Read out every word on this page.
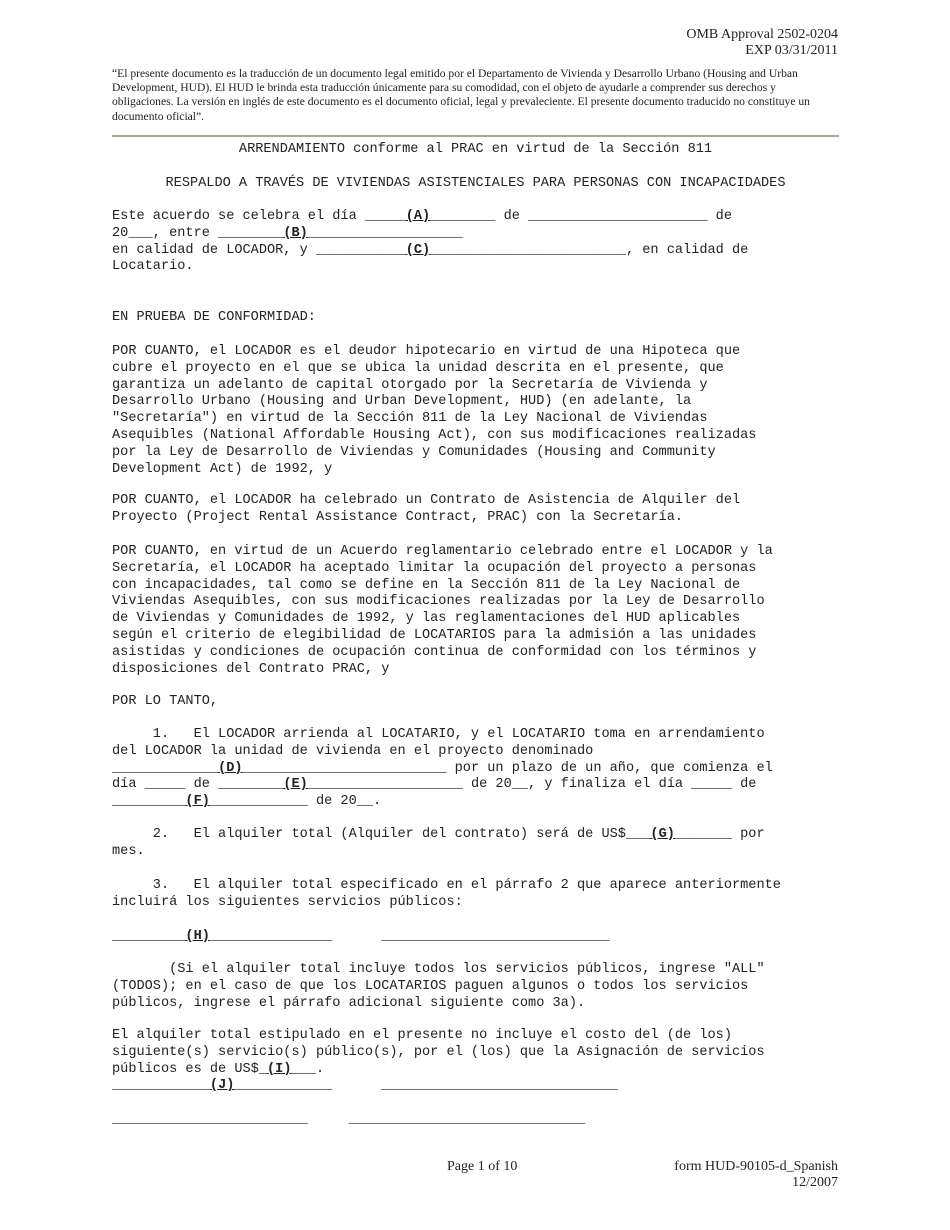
OMB Approval 2502-0204
EXP 03/31/2011
“El presente documento es la traducción de un documento legal emitido por el Departamento de Vivienda y Desarrollo Urbano (Housing and Urban Development, HUD). El HUD le brinda esta traducción únicamente para su comodidad, con el objeto de ayudarle a comprender sus derechos y obligaciones. La versión en inglés de este documento es el documento oficial, legal y prevaleciente. El presente documento traducido no constituye un documento oficial”.
ARRENDAMIENTO conforme al PRAC en virtud de la Sección 811
RESPALDO A TRAVÉS DE VIVIENDAS ASISTENCIALES PARA PERSONAS CON INCAPACIDADES
Este acuerdo se celebra el día _____(A)________ de ______________________ de
20___, entre ________(B)___________________
en calidad de LOCADOR, y ___________(C)________________________, en calidad de
Locatario.
EN PRUEBA DE CONFORMIDAD:
POR CUANTO, el LOCADOR es el deudor hipotecario en virtud de una Hipoteca que
cubre el proyecto en el que se ubica la unidad descrita en el presente, que
garantiza un adelanto de capital otorgado por la Secretaría de Vivienda y
Desarrollo Urbano (Housing and Urban Development, HUD) (en adelante, la
"Secretaría") en virtud de la Sección 811 de la Ley Nacional de Viviendas
Asequibles (National Affordable Housing Act), con sus modificaciones realizadas
por la Ley de Desarrollo de Viviendas y Comunidades (Housing and Community
Development Act) de 1992, y
POR CUANTO, el LOCADOR ha celebrado un Contrato de Asistencia de Alquiler del
Proyecto (Project Rental Assistance Contract, PRAC) con la Secretaría.
POR CUANTO, en virtud de un Acuerdo reglamentario celebrado entre el LOCADOR y la
Secretaría, el LOCADOR ha aceptado limitar la ocupación del proyecto a personas
con incapacidades, tal como se define en la Sección 811 de la Ley Nacional de
Viviendas Asequibles, con sus modificaciones realizadas por la Ley de Desarrollo
de Viviendas y Comunidades de 1992, y las reglamentaciones del HUD aplicables
según el criterio de elegibilidad de LOCATARIOS para la admisión a las unidades
asistidas y condiciones de ocupación continua de conformidad con los términos y
disposiciones del Contrato PRAC, y
POR LO TANTO,
1.   El LOCADOR arrienda al LOCATARIO, y el LOCATARIO toma en arrendamiento
del LOCADOR la unidad de vivienda en el proyecto denominado
_____________(D)_________________________ por un plazo de un año, que comienza el
día _____ de ________(E)___________________ de 20__, y finaliza el día _____ de
_________(F)____________ de 20__.
2.   El alquiler total (Alquiler del contrato) será de US$___(G)_______ por
mes.
3.   El alquiler total especificado en el párrafo 2 que aparece anteriormente
incluirá los siguientes servicios públicos:
_________(H)_______________      ____________________________
(Si el alquiler total incluye todos los servicios públicos, ingrese "ALL"
(TODOS); en el caso de que los LOCATARIOS paguen algunos o todos los servicios
públicos, ingrese el párrafo adicional siguiente como 3a).
El alquiler total estipulado en el presente no incluye el costo del (de los)
siguiente(s) servicio(s) público(s), por el (los) que la Asignación de servicios
públicos es de US$_(I)___.
____________(J)____________      _____________________________
________________________     _____________________________
Page 1 of 10	form HUD-90105-d_Spanish
12/2007
